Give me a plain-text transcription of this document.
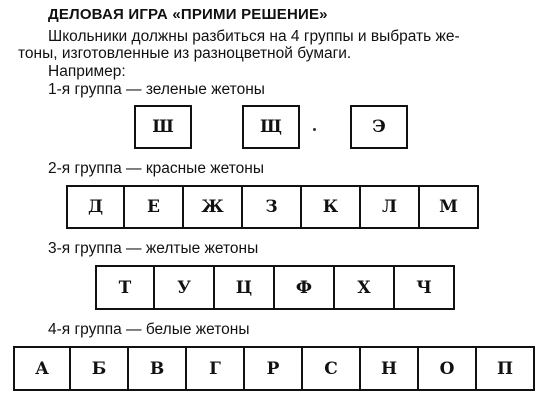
ДЕЛОВАЯ ИГРА «ПРИМИ РЕШЕНИЕ»
Школьники должны разбиться на 4 группы и выбрать же-
тоны, изготовленные из разноцветной бумаги.
Например:
1-я группа — зеленые жетоны
Ш	Щ	Э
2-я группа — красные жетоны
Д	Е	Ж	З	К	Л	М
3-я группа — желтые жетоны
Т	У	Ц	Ф	Х	Ч
4-я группа — белые жетоны
А	Б	В	Г	Р	С	Н	О	П
